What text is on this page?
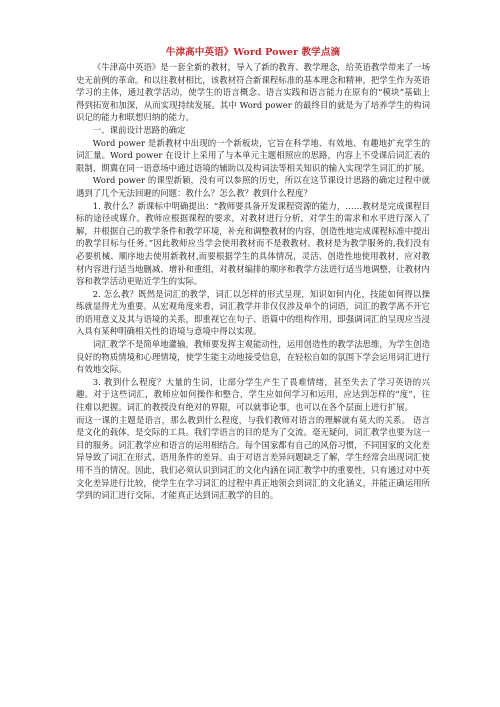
牛津高中英语》Word Power 教学点滴

《牛津高中英语》是一套全新的教材，导入了新的教育、教学理念，给英语教学带来了一场史无前例的革命。和以往教材相比，该教材符合新课程标准的基本理念和精神，把学生作为英语学习的主体，通过教学活动，使学生的语言概念、语言实践和语言能力在原有的“模块”基础上得到拓宽和加深，从而实现持续发展。其中 Word power 的最终目的就是为了培养学生的构词识记的能力和联想归纳的能力。

一、课前设计思路的确定

Word power 是新教材中出现的一个新板块，它旨在科学地、有效地、有趣地扩充学生的词汇量。Word power 在设计上采用了与本单元主题相照应的思路，内容上不受课后词汇表的限制，期冀在同一语意场中通过语境的辅助以及构词法等相关知识的输入实现学生词汇的扩展。

Word power 的课型新颖，没有可以参照的历史，所以在这节课设计思路的确定过程中就遇到了几个无法回避的问题：教什么？怎么教？教到什么程度？

1. 教什么？新课标中明确提出：“教师要具备开发课程资源的能力，……教材是完成课程目标的途径或媒介。教师应根据课程的要求，对教材进行分析，对学生的需求和水平进行深入了解，并根据自己的教学条件和教学环境，补充和调整教材的内容，创造性地完成课程标准中提出的教学目标与任务。”因此教师应当学会使用教材而不是教教材。教材是为教学服务的,我们没有必要机械、顺序地去使用新教材,而要根据学生的具体情况，灵活、创造性地使用教材，应对教材内容进行适当地删减、增补和重组，对教材编排的顺序和教学方法进行适当地调整，让教材内容和教学活动更贴近学生的实际。

2. 怎么教？既然是词汇的教学，词汇以怎样的形式呈现，知识如何内化，技能如何得以操练就显得尤为重要。从宏观角度来看，词汇教学并非仅仅涉及单个的词语，词汇的教学离不开它的语用意义及其与语境的关系，即重视它在句子、语篇中的组构作用，即强调词汇的呈现应当浸入具有某种明确相关性的语境与意境中得以实现。

词汇教学不是简单地灌输，教师要发挥主观能动性，运用创造性的教学法思维，为学生创造良好的物质情境和心理情境，使学生能主动地接受信息，在轻松自如的氛围下学会运用词汇进行有效地交际。

3. 教到什么程度？大量的生词，让部分学生产生了畏难情绪，甚至失去了学习英语的兴趣。对于这些词汇，教师应如何操作和整合，学生应如何学习和运用，应达到怎样的“度”，往往难以把握。词汇的教授没有绝对的界限，可以就事论事，也可以在各个层面上进行扩展。

而这一课的主题是语言，那么教到什么程度，与我们教师对语言的理解就有莫大的关系。 语言是文化的载体，是交际的工具。我们学语言的目的是为了交流。毫无疑问，词汇教学也要为这一目的服务。词汇教学应和语言的运用相结合。每个国家都有自己的风俗习惯，不同国家的文化差异导致了词汇在形式、语用条件的差异。由于对语言差异问题缺乏了解，学生经常会出现词汇使用不当的情况。因此，我们必须认识到词汇的文化内涵在词汇教学中的重要性，只有通过对中英文化差异进行比较，使学生在学习词汇的过程中真正地领会到词汇的文化涵义，并能正确运用所学到的词汇进行交际，才能真正达到词汇教学的目的。
